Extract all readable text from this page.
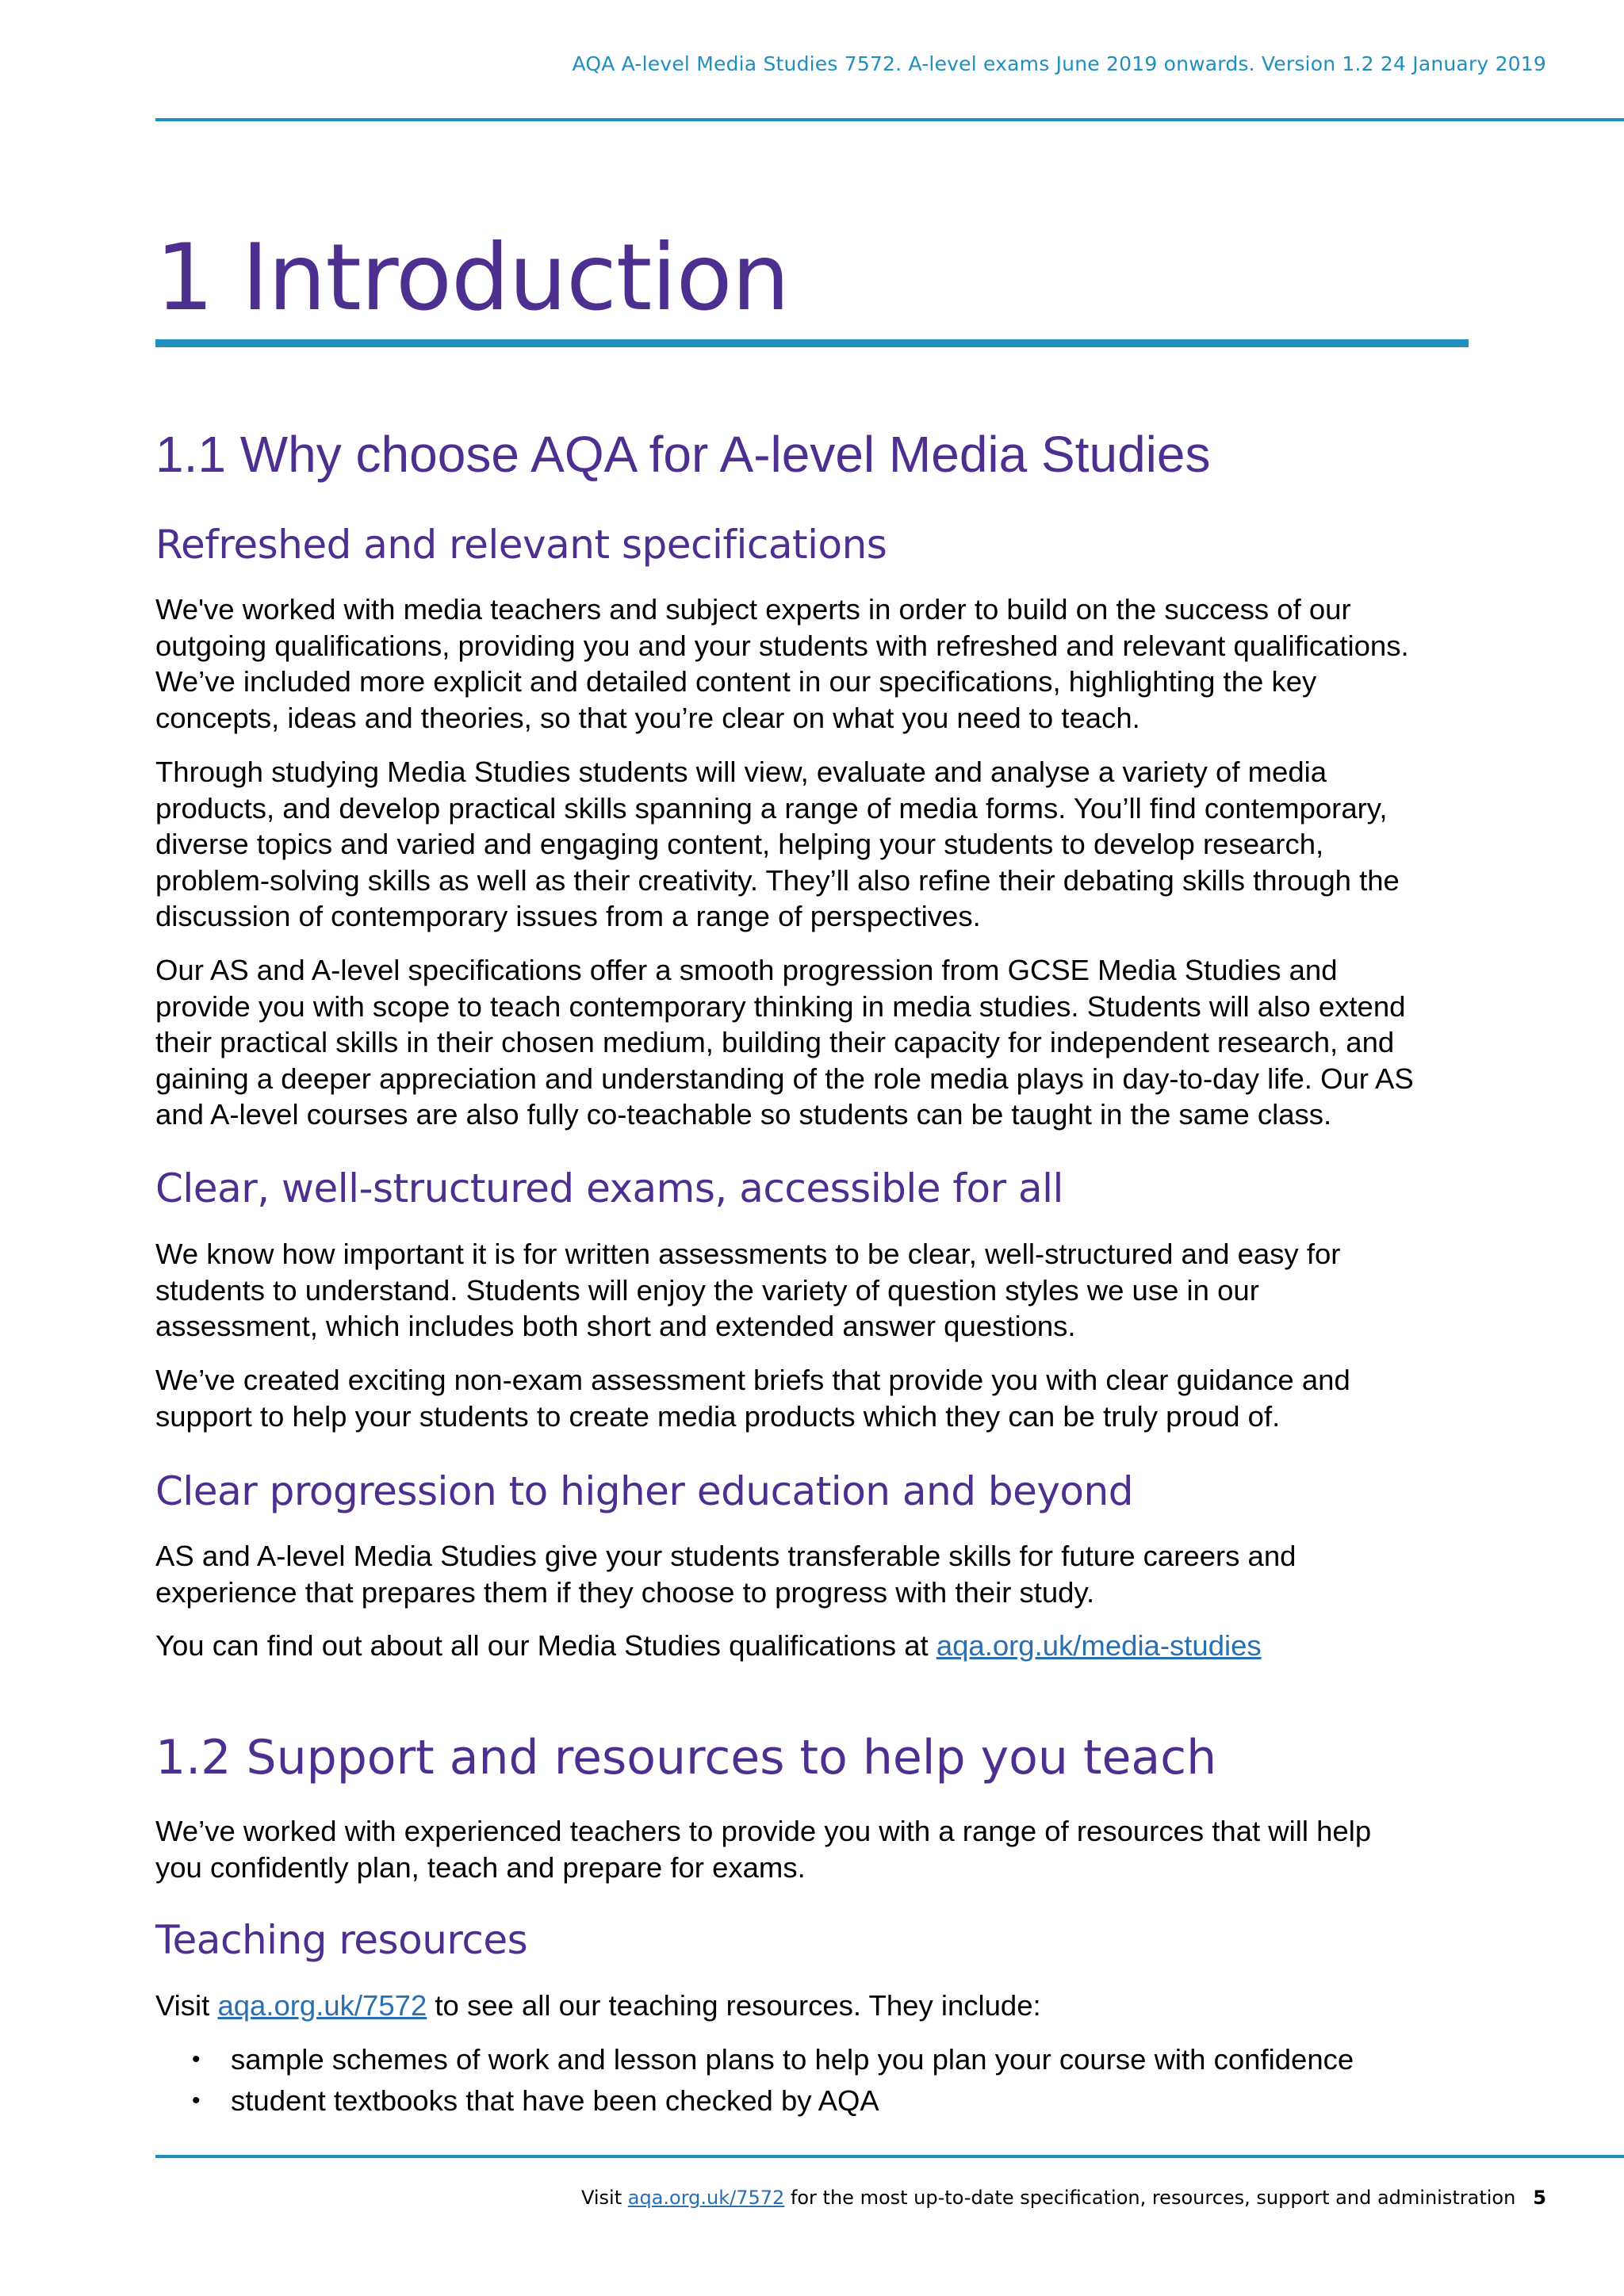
AQA A-level Media Studies 7572. A-level exams June 2019 onwards. Version 1.2 24 January 2019
1 Introduction
1.1 Why choose AQA for A-level Media Studies
Refreshed and relevant specifications

We've worked with media teachers and subject experts in order to build on the success of our
outgoing qualifications, providing you and your students with refreshed and relevant qualifications.
We’ve included more explicit and detailed content in our specifications, highlighting the key
concepts, ideas and theories, so that you’re clear on what you need to teach.

Through studying Media Studies students will view, evaluate and analyse a variety of media
products, and develop practical skills spanning a range of media forms. You’ll find contemporary,
diverse topics and varied and engaging content, helping your students to develop research,
problem-solving skills as well as their creativity. They’ll also refine their debating skills through the
discussion of contemporary issues from a range of perspectives.

Our AS and A-level specifications offer a smooth progression from GCSE Media Studies and
provide you with scope to teach contemporary thinking in media studies. Students will also extend
their practical skills in their chosen medium, building their capacity for independent research, and
gaining a deeper appreciation and understanding of the role media plays in day-to-day life. Our AS
and A-level courses are also fully co-teachable so students can be taught in the same class.

Clear, well-structured exams, accessible for all

We know how important it is for written assessments to be clear, well-structured and easy for
students to understand. Students will enjoy the variety of question styles we use in our
assessment, which includes both short and extended answer questions.

We’ve created exciting non-exam assessment briefs that provide you with clear guidance and
support to help your students to create media products which they can be truly proud of.

Clear progression to higher education and beyond

AS and A-level Media Studies give your students transferable skills for future careers and
experience that prepares them if they choose to progress with their study.

You can find out about all our Media Studies qualifications at aqa.org.uk/media-studies

1.2 Support and resources to help you teach

We’ve worked with experienced teachers to provide you with a range of resources that will help
you confidently plan, teach and prepare for exams.

Teaching resources

Visit aqa.org.uk/7572 to see all our teaching resources. They include:

• sample schemes of work and lesson plans to help you plan your course with confidence
• student textbooks that have been checked by AQA
Visit aqa.org.uk/7572 for the most up-to-date specification, resources, support and administration 5
